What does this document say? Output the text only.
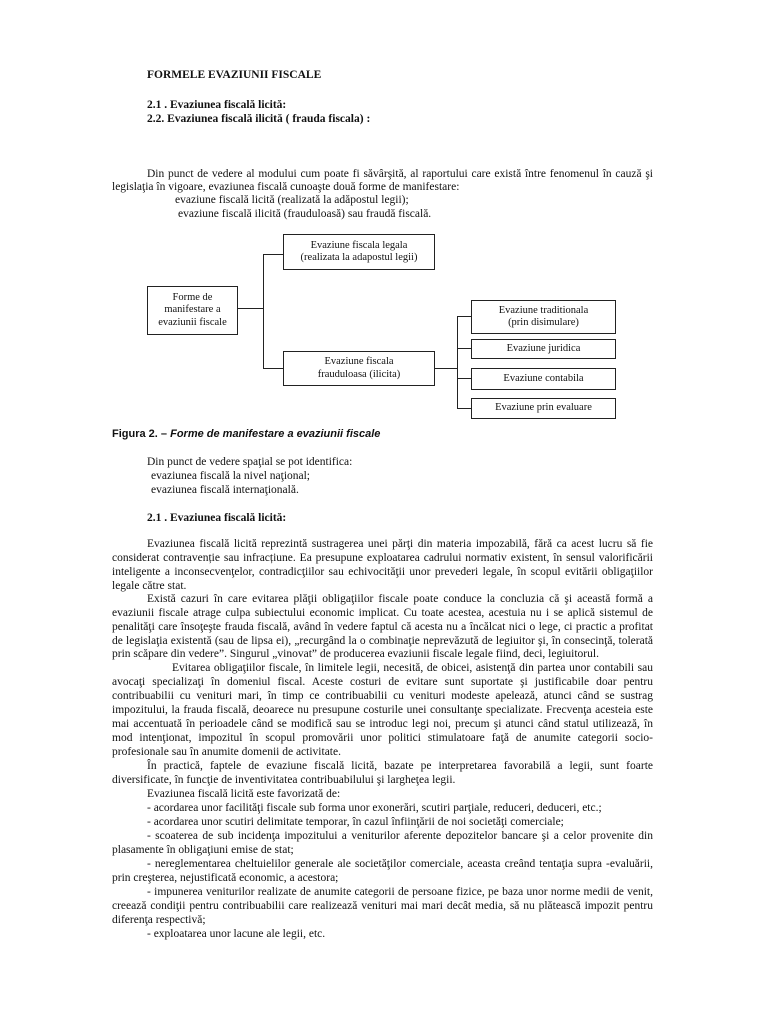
FORMELE EVAZIUNII FISCALE
2.1 . Evaziunea fiscală licită:
2.2. Evaziunea fiscală ilicită ( frauda fiscala) :
Din punct de vedere al modului cum poate fi săvârşită, al raportului care există între fenomenul în cauză şi
legislaţia în vigoare, evaziunea fiscală cunoaşte două forme de manifestare:
evaziune fiscală licită (realizată la adăpostul legii);
evaziune fiscală ilicită (frauduloasă) sau fraudă fiscală.
Forme de
manifestare a
evaziunii fiscale
Evaziune fiscala legala
(realizata la adapostul legii)
Evaziune fiscala
frauduloasa (ilicita)
Evaziune traditionala
(prin disimulare)
Evaziune juridica
Evaziune contabila
Evaziune prin evaluare
Figura 2. – Forme de manifestare a evaziunii fiscale
Din punct de vedere spaţial se pot identifica:
evaziunea fiscală la nivel naţional;
evaziunea fiscală internaţională.
2.1 . Evaziunea fiscală licită:
Evaziunea fiscală licită reprezintă sustragerea unei părţi din materia impozabilă, fără ca acest lucru să fie
considerat contravenție sau infracțiune. Ea presupune exploatarea cadrului normativ existent, în sensul valorificării
inteligente a inconsecvenţelor, contradicţiilor sau echivocităţii unor prevederi legale, în scopul evitării obligaţiilor
legale către stat.
Există cazuri în care evitarea plăţii obligaţiilor fiscale poate conduce la concluzia că şi această formă a
evaziunii fiscale atrage culpa subiectului economic implicat. Cu toate acestea, acestuia nu i se aplică sistemul de
penalităţi care însoţeşte frauda fiscală, având în vedere faptul că acesta nu a încălcat nici o lege, ci practic a profitat
de legislaţia existentă (sau de lipsa ei), „recurgând la o combinaţie neprevăzută de legiuitor şi, în consecinţă, tolerată
prin scăpare din vedere”. Singurul „vinovat” de producerea evaziunii fiscale legale fiind, deci, legiuitorul.
Evitarea obligaţiilor fiscale, în limitele legii, necesită, de obicei, asistenţă din partea unor contabili sau
avocaţi specializaţi în domeniul fiscal. Aceste costuri de evitare sunt suportate şi justificabile doar pentru
contribuabilii cu venituri mari, în timp ce contribuabilii cu venituri modeste apelează, atunci când se sustrag
impozitului, la frauda fiscală, deoarece nu presupune costurile unei consultanţe specializate. Frecvenţa acesteia este
mai accentuată în perioadele când se modifică sau se introduc legi noi, precum şi atunci când statul utilizează, în
mod intenţionat, impozitul în scopul promovării unor politici stimulatoare faţă de anumite categorii socio-
profesionale sau în anumite domenii de activitate.
În practică, faptele de evaziune fiscală licită, bazate pe interpretarea favorabilă a legii, sunt foarte
diversificate, în funcţie de inventivitatea contribuabilului şi largheţea legii.
Evaziunea fiscală licită este favorizată de:
- acordarea unor facilităţi fiscale sub forma unor exonerări, scutiri parţiale, reduceri, deduceri, etc.;
- acordarea unor scutiri delimitate temporar, în cazul înfiinţării de noi societăţi comerciale;
- scoaterea de sub incidenţa impozitului a veniturilor aferente depozitelor bancare şi a celor provenite din
plasamente în obligaţiuni emise de stat;
- nereglementarea cheltuielilor generale ale societăţilor comerciale, aceasta creând tentaţia supra -evaluării,
prin creşterea, nejustificată economic, a acestora;
- impunerea veniturilor realizate de anumite categorii de persoane fizice, pe baza unor norme medii de venit,
creează condiţii pentru contribuabilii care realizează venituri mai mari decât media, să nu plătească impozit pentru
diferenţa respectivă;
- exploatarea unor lacune ale legii, etc.
